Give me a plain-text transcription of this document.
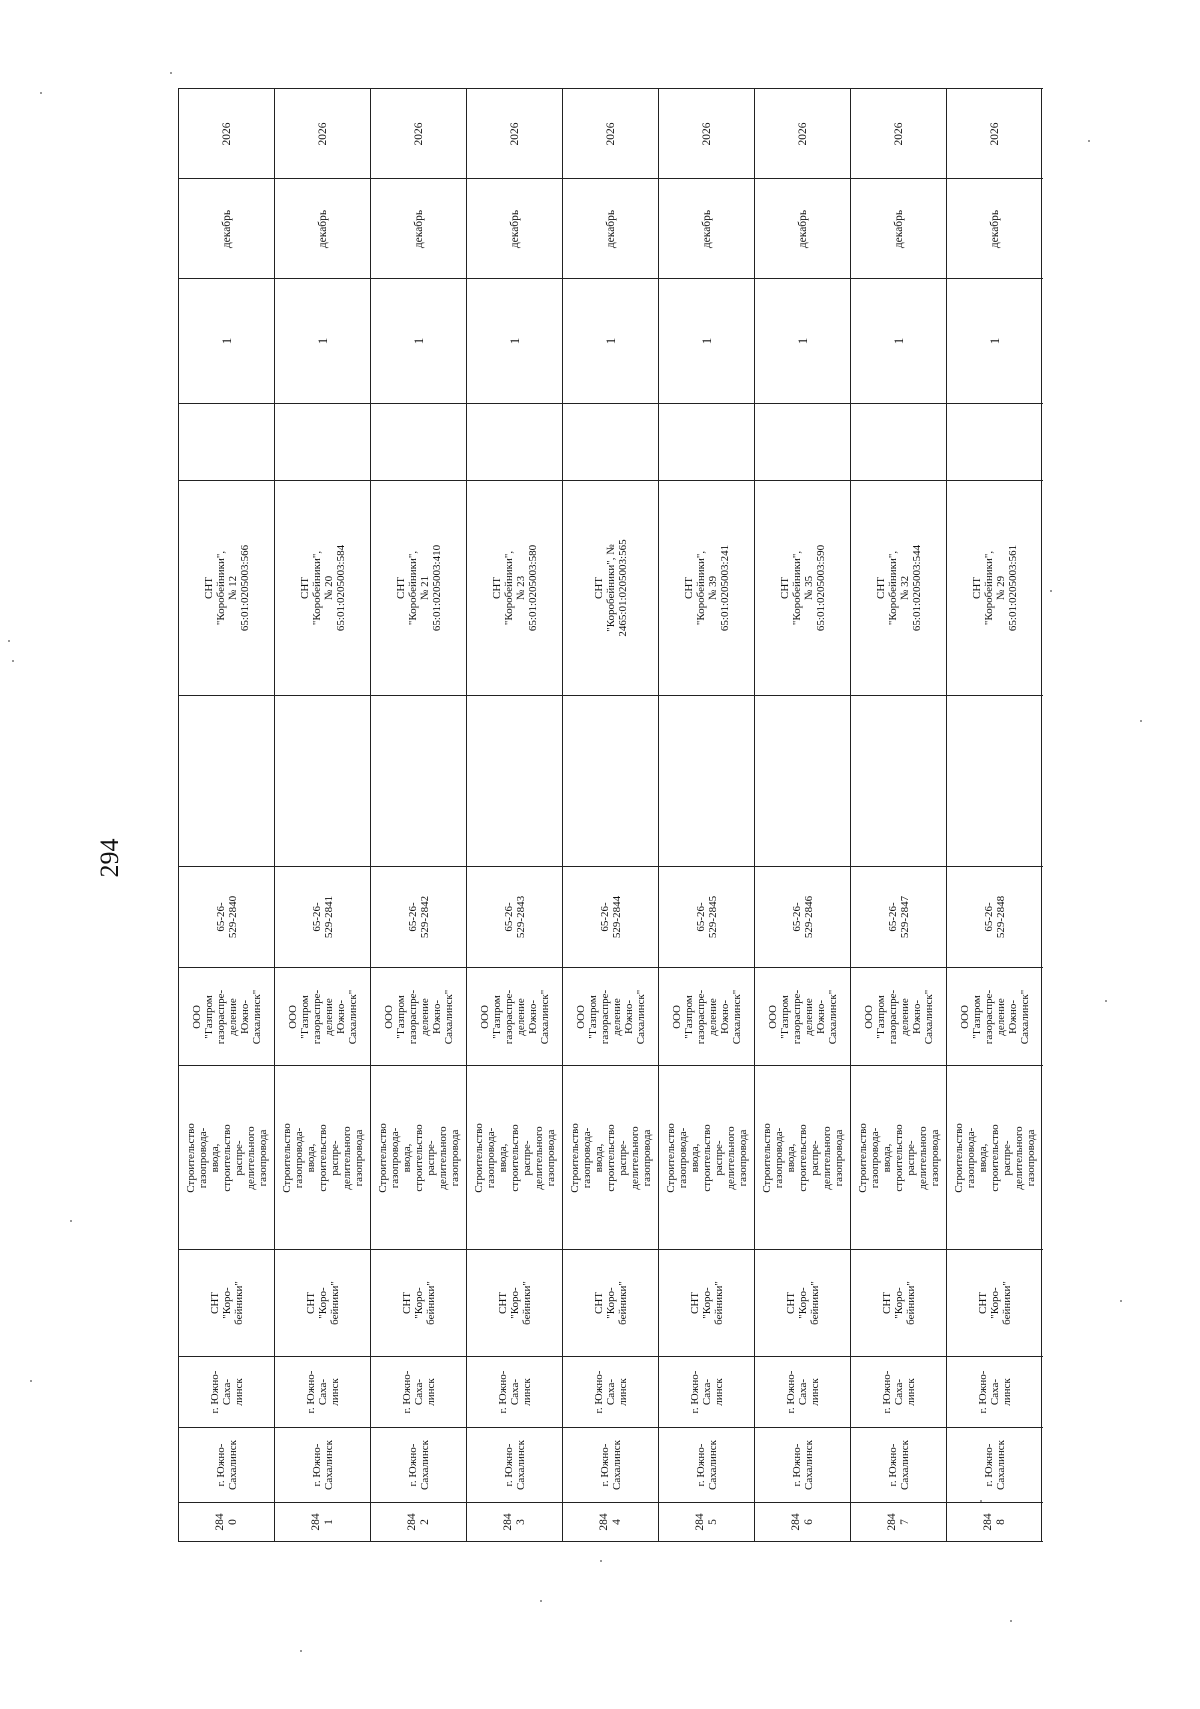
294
2026
декабрь
1
СНТ "Коробейники", № 12
65:01:0205003:566
65-26-529-2840
ООО
"Газпром
газораспре-
деление
Южно-
Сахалинск"
Строительство газопровода-
ввода, строительство распре-
делительного газопровода
СНТ "Коро-
бейники"
г. Южно-
Саха-
линск
г. Южно-
Сахалинск
284
0
2026
декабрь
1
СНТ "Коробейники", № 20
65:01:0205003:584
65-26-529-2841
ООО
"Газпром
газораспре-
деление
Южно-
Сахалинск"
Строительство газопровода-
ввода, строительство распре-
делительного газопровода
СНТ "Коро-
бейники"
г. Южно-
Саха-
линск
г. Южно-
Сахалинск
284
1
2026
декабрь
1
СНТ "Коробейники", № 21
65:01:0205003:410
65-26-529-2842
ООО
"Газпром
газораспре-
деление
Южно-
Сахалинск"
Строительство газопровода-
ввода, строительство распре-
делительного газопровода
СНТ "Коро-
бейники"
г. Южно-
Саха-
линск
г. Южно-
Сахалинск
284
2
2026
декабрь
1
СНТ "Коробейники", № 23
65:01:0205003:580
65-26-529-2843
ООО
"Газпром
газораспре-
деление
Южно-
Сахалинск"
Строительство газопровода-
ввода, строительство распре-
делительного газопровода
СНТ "Коро-
бейники"
г. Южно-
Саха-
линск
г. Южно-
Сахалинск
284
3
2026
декабрь
1
СНТ "Коробейники", №
2465:01:0205003:565
65-26-529-2844
ООО
"Газпром
газораспре-
деление
Южно-
Сахалинск"
Строительство газопровода-
ввода, строительство распре-
делительного газопровода
СНТ "Коро-
бейники"
г. Южно-
Саха-
линск
г. Южно-
Сахалинск
284
4
2026
декабрь
1
СНТ "Коробейники", № 39
65:01:0205003:241
65-26-529-2845
ООО
"Газпром
газораспре-
деление
Южно-
Сахалинск"
Строительство газопровода-
ввода, строительство распре-
делительного газопровода
СНТ "Коро-
бейники"
г. Южно-
Саха-
линск
г. Южно-
Сахалинск
284
5
2026
декабрь
1
СНТ "Коробейники", № 35
65:01:0205003:590
65-26-529-2846
ООО
"Газпром
газораспре-
деление
Южно-
Сахалинск"
Строительство газопровода-
ввода, строительство распре-
делительного газопровода
СНТ "Коро-
бейники"
г. Южно-
Саха-
линск
г. Южно-
Сахалинск
284
6
2026
декабрь
1
СНТ "Коробейники", № 32
65:01:0205003:544
65-26-529-2847
ООО
"Газпром
газораспре-
деление
Южно-
Сахалинск"
Строительство газопровода-
ввода, строительство распре-
делительного газопровода
СНТ "Коро-
бейники"
г. Южно-
Саха-
линск
г. Южно-
Сахалинск
284
7
2026
декабрь
1
СНТ "Коробейники", № 29
65:01:0205003:561
65-26-529-2848
ООО
"Газпром
газораспре-
деление
Южно-
Сахалинск"
Строительство газопровода-
ввода, строительство распре-
делительного газопровода
СНТ "Коро-
бейники"
г. Южно-
Саха-
линск
г. Южно-
Сахалинск
284
8
